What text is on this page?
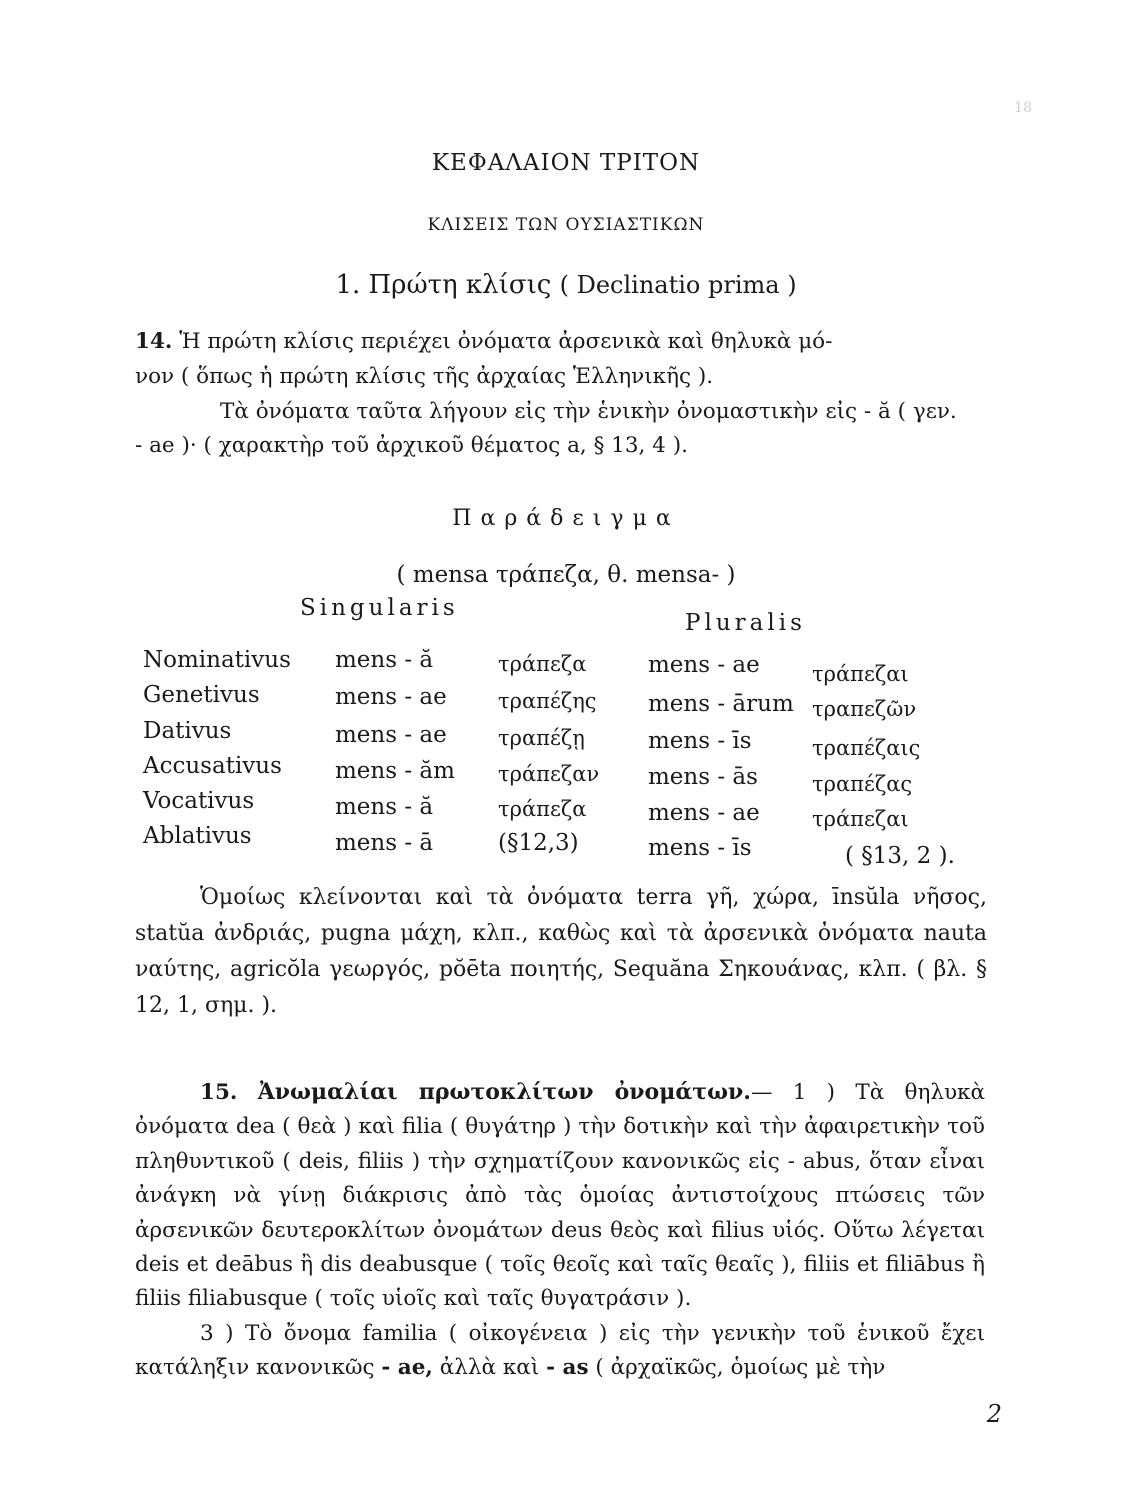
18
ΚΕΦΑΛΑΙΟΝ ΤΡΙΤΟΝ
ΚΛΙΣΕΙΣ ΤΩΝ ΟΥΣΙΑΣΤΙΚΩΝ
1. Πρώτη κλίσις ( Declinatio prima )
14. Ἡ πρώτη κλίσις περιέχει ὀνόματα ἀρσενικὰ καὶ θηλυκὰ μό-
νον ( ὅπως ἡ πρώτη κλίσις τῆς ἀρχαίας Ἑλληνικῆς ).
Τὰ ὀνόματα ταῦτα λήγουν εἰς τὴν ἑνικὴν ὀνομαστικὴν εἰς - ă ( γεν.
- ae )· ( χαρακτὴρ τοῦ ἀρχικοῦ θέματος a, § 13, 4 ).
Παράδειγμα
( mensa τράπεζα, θ. mensa- )
Singularis
Pluralis
Nominativus mens - ă	τράπεζα	mens - ae τράπεζαι
Genetivus	mens - ae τραπέζης mens - ārum τραπεζῶν
Dativus	mens - ae τραπέζῃ	mens - īs	τραπέζαις
Accusativus mens - ăm τράπεζαν mens - ās	τραπέζας
Vocativus	mens - ă	τράπεζα	mens - ae τράπεζαι
Ablativus	mens - ā	(§12,3)	mens - īs	( §13, 2 ).
Ὁμοίως κλείνονται καὶ τὰ ὀνόματα terra γῆ, χώρα, īnsŭla νῆσος, statŭa ἀνδριάς, pugna μάχη, κλπ., καθὼς καὶ τὰ ἀρσενικὰ ὀνόματα nauta ναύτης, agricŏla γεωργός, pŏēta ποιητής, Sequăna Σηκουάνας, κλπ. ( βλ. § 12, 1, σημ. ).
15. Ἀνωμαλίαι πρωτοκλίτων ὀνομάτων.— 1 ) Τὰ θηλυκὰ ὀνόματα dea ( θεὰ ) καὶ filia ( θυγάτηρ ) τὴν δοτικὴν καὶ τὴν ἀφαιρετικὴν τοῦ πληθυντικοῦ ( deis, filiis ) τὴν σχηματίζουν κανονικῶς εἰς - abus, ὅταν εἶναι ἀνάγκη νὰ γίνῃ διάκρισις ἀπὸ τὰς ὁμοίας ἀντιστοίχους πτώσεις τῶν ἀρσενικῶν δευτεροκλίτων ὀνομάτων deus θεὸς καὶ filius υἱός. Οὕτω λέγεται deis et deābus ἢ dis deabusque ( τοῖς θεοῖς καὶ ταῖς θεαῖς ), filiis et filiābus ἢ filiis filiabusque ( τοῖς υἱοῖς καὶ ταῖς θυγατράσιν ).
3 ) Τὸ ὄνομα familia ( οἰκογένεια ) εἰς τὴν γενικὴν τοῦ ἑνικοῦ ἔχει κατάληξιν κανονικῶς - ae, ἀλλὰ καὶ - as ( ἀρχαϊκῶς, ὁμοίως μὲ τὴν
2
